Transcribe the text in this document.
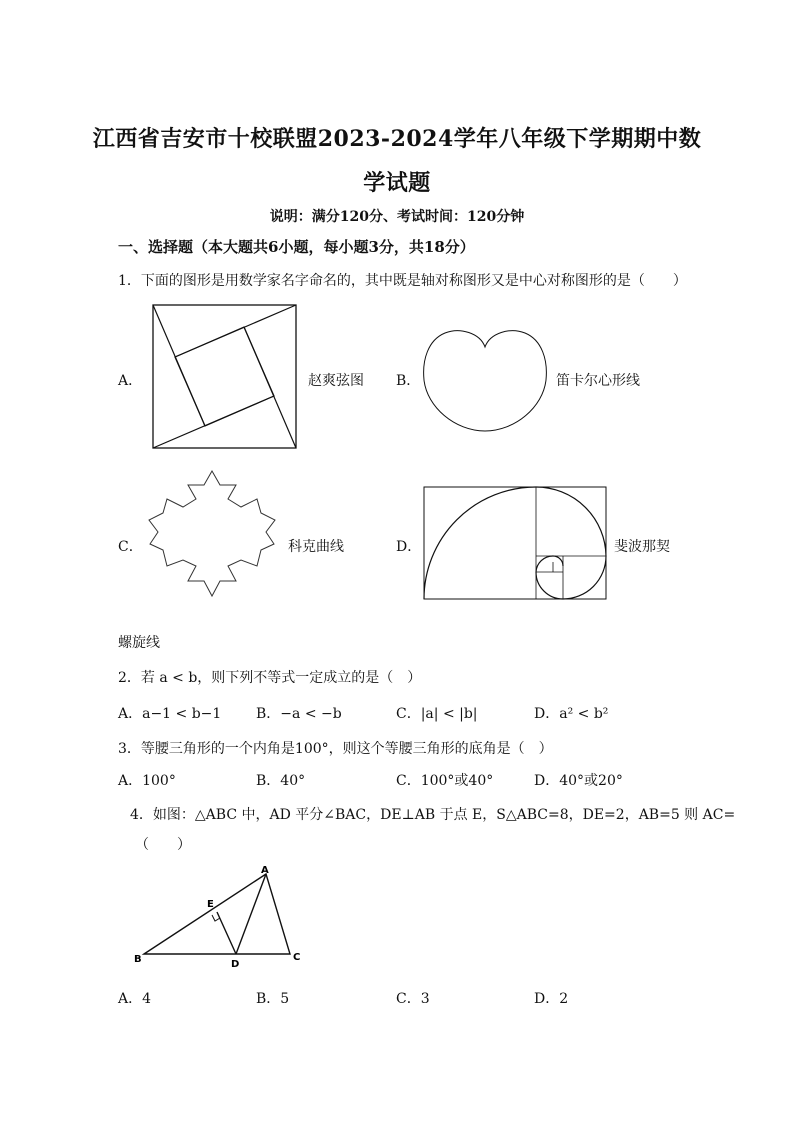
江西省吉安市十校联盟2023-2024学年八年级下学期期中数
学试题
说明：满分120分、考试时间：120分钟
一、选择题（本大题共6小题，每小题3分，共18分）
1．下面的图形是用数学家名字命名的，其中既是轴对称图形又是中心对称图形的是（　　）
A．	赵爽弦图 B．	笛卡尔心形线
C．	科克曲线	D．	斐波那契
螺旋线
2．若 a < b，则下列不等式一定成立的是（　）
A．a−1 < b−1 B．−a < −b	C．|a| < |b|	D．a² < b²
3．等腰三角形的一个内角是100°，则这个等腰三角形的底角是（　）
A．100°	B．40°	C．100°或40°	D．40°或20°
4．如图：△ABC 中，AD 平分∠BAC，DE⊥AB 于点 E，S△ABC=8，DE=2，AB=5 则 AC=
（　　）
A
B	C
D
E
A．4	B．5	C．3	D．2
